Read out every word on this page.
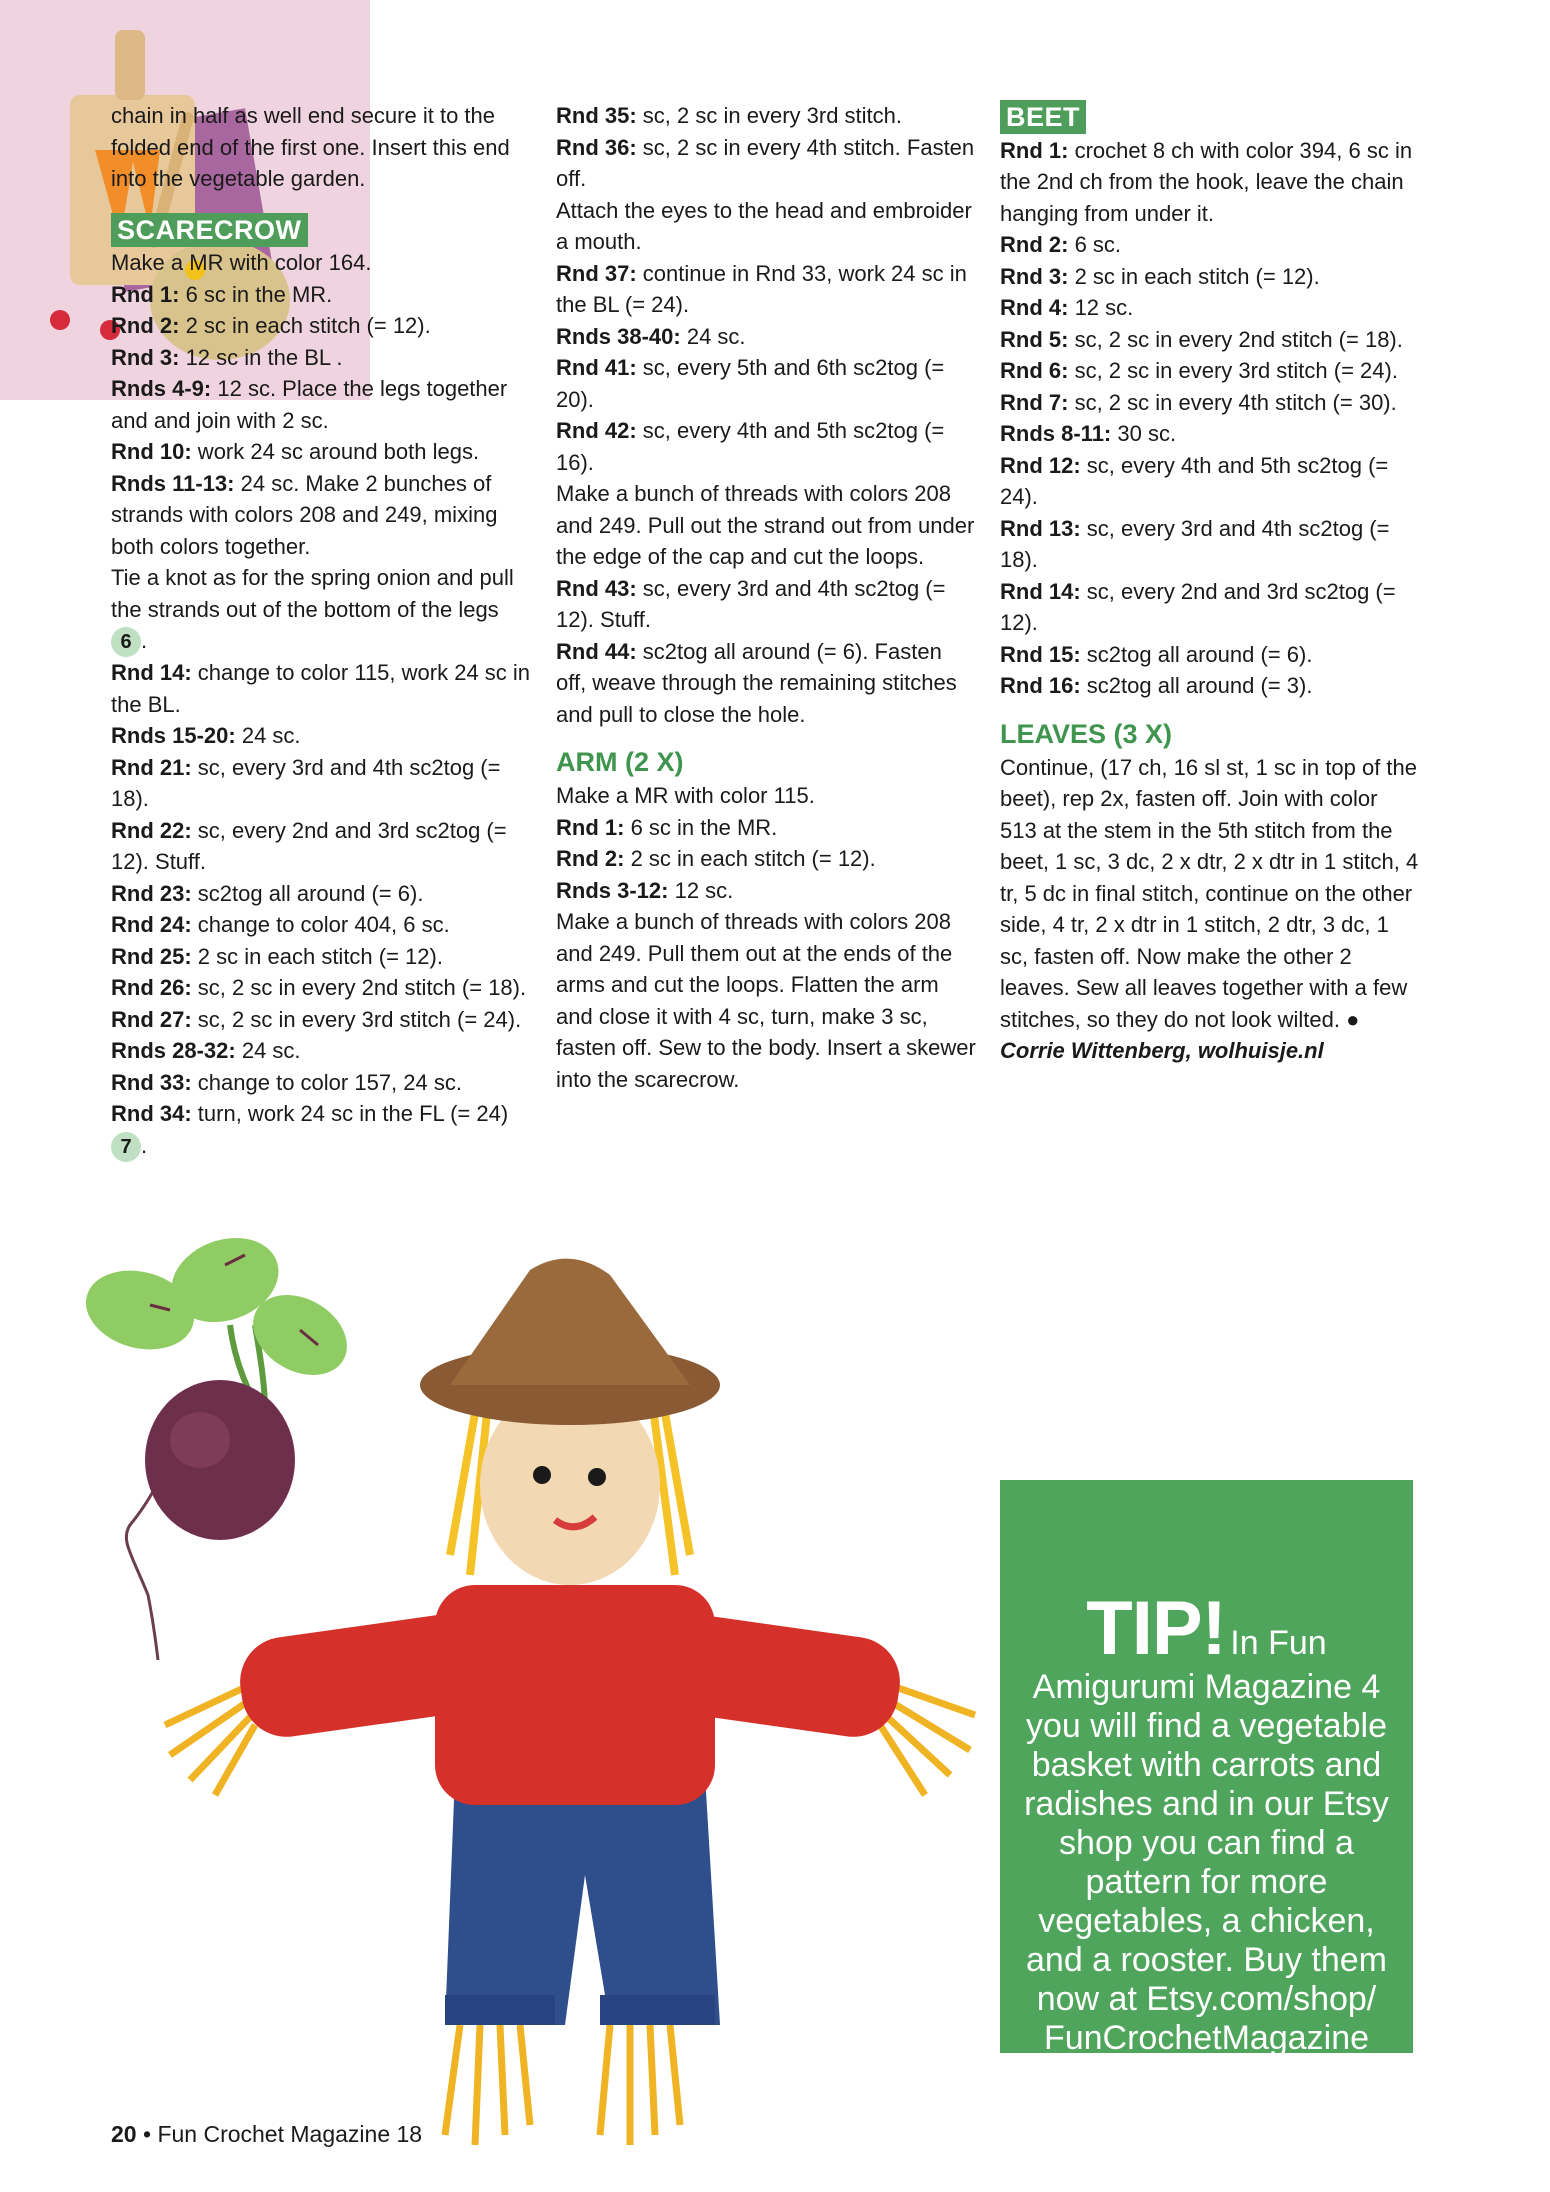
chain in half as well end secure it to the folded end of the first one. Insert this end into the vegetable garden.

SCARECROW

Make a MR with color 164.

Rnd 1: 6 sc in the MR.

Rnd 2: 2 sc in each stitch (= 12).

Rnd 3: 12 sc in the BL .

Rnds 4-9: 12 sc. Place the legs together and and join with 2 sc.

Rnd 10: work 24 sc around both legs.

Rnds 11-13: 24 sc. Make 2 bunches of strands with colors 208 and 249, mixing both colors together.

Tie a knot as for the spring onion and pull the strands out of the bottom of the legs

6 .

Rnd 14: change to color 115, work 24 sc in the BL.

Rnds 15-20: 24 sc.

Rnd 21: sc, every 3rd and 4th sc2tog (= 18).

Rnd 22: sc, every 2nd and 3rd sc2tog (= 12). Stuff.

Rnd 23: sc2tog all around (= 6).

Rnd 24: change to color 404, 6 sc.

Rnd 25: 2 sc in each stitch (= 12).

Rnd 26: sc, 2 sc in every 2nd stitch (= 18).

Rnd 27: sc, 2 sc in every 3rd stitch (= 24).

Rnds 28-32: 24 sc.

Rnd 33: change to color 157, 24 sc.

Rnd 34: turn, work 24 sc in the FL (= 24)

7 .

Rnd 35: sc, 2 sc in every 3rd stitch.

Rnd 36: sc, 2 sc in every 4th stitch. Fasten off.

Attach the eyes to the head and embroider a mouth.

Rnd 37: continue in Rnd 33, work 24 sc in the BL (= 24).

Rnds 38-40: 24 sc.

Rnd 41: sc, every 5th and 6th sc2tog (= 20).

Rnd 42: sc, every 4th and 5th sc2tog (= 16).

Make a bunch of threads with colors 208 and 249. Pull out the strand out from under the edge of the cap and cut the loops.

Rnd 43: sc, every 3rd and 4th sc2tog (= 12). Stuff.

Rnd 44: sc2tog all around (= 6). Fasten off, weave through the remaining stitches and pull to close the hole.

ARM (2 X)

Make a MR with color 115.

Rnd 1: 6 sc in the MR.

Rnd 2: 2 sc in each stitch (= 12).

Rnds 3-12: 12 sc.

Make a bunch of threads with colors 208 and 249. Pull them out at the ends of the arms and cut the loops. Flatten the arm and close it with 4 sc, turn, make 3 sc, fasten off. Sew to the body. Insert a skewer into the scarecrow.

BEET

Rnd 1: crochet 8 ch with color 394, 6 sc in the 2nd ch from the hook, leave the chain hanging from under it.

Rnd 2: 6 sc.

Rnd 3: 2 sc in each stitch (= 12).

Rnd 4: 12 sc.

Rnd 5: sc, 2 sc in every 2nd stitch (= 18).

Rnd 6: sc, 2 sc in every 3rd stitch (= 24).

Rnd 7: sc, 2 sc in every 4th stitch (= 30).

Rnds 8-11: 30 sc.

Rnd 12: sc, every 4th and 5th sc2tog (= 24).

Rnd 13: sc, every 3rd and 4th sc2tog (= 18).

Rnd 14: sc, every 2nd and 3rd sc2tog (= 12).

Rnd 15: sc2tog all around (= 6).

Rnd 16: sc2tog all around (= 3).

LEAVES (3 X)

Continue, (17 ch, 16 sl st, 1 sc in top of the beet), rep 2x, fasten off. Join with color 513 at the stem in the 5th stitch from the beet, 1 sc, 3 dc, 2 x dtr, 2 x dtr in 1 stitch, 4 tr, 5 dc in final stitch, continue on the other side, 4 tr, 2 x dtr in 1 stitch, 2 dtr, 3 dc, 1 sc, fasten off. Now make the other 2 leaves. Sew all leaves together with a few stitches, so they do not look wilted. ●

Corrie Wittenberg, wolhuisje.nl

TIP! In Fun

Amigurumi Magazine 4 you will find a vegetable basket with carrots and radishes and in our Etsy shop you can find a pattern for more vegetables, a chicken, and a rooster. Buy them now at Etsy.com/shop/ FunCrochetMagazine

20 • Fun Crochet Magazine 18
